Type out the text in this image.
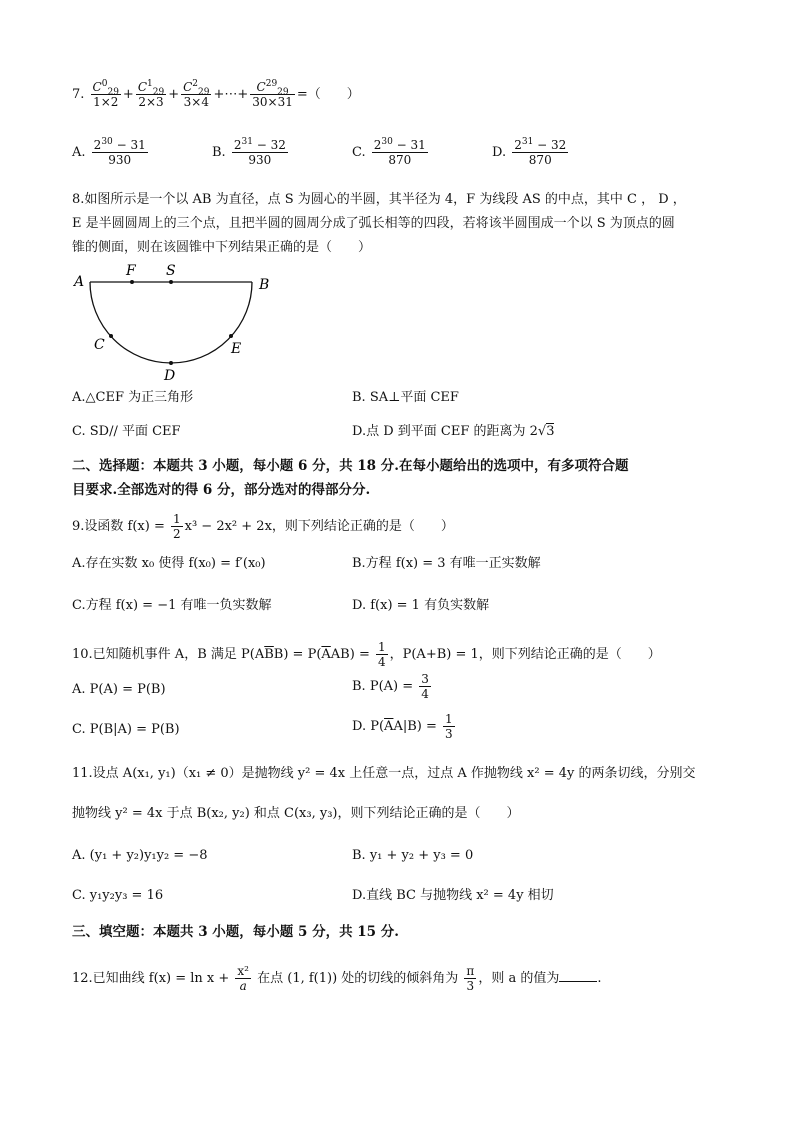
7. $\frac{C^0_{29}}{1\times 2} + \frac{C^1_{29}}{2\times 3} + \frac{C^2_{29}}{3\times 4}$ +⋯+ $\frac{C^{29}_{29}}{30\times 31}$ =（　　）
A. $\frac{2^{30} - 31}{930}$	B. $\frac{2^{31} - 32}{930}$	C. $\frac{2^{30} - 31}{870}$	D. $\frac{2^{31} - 32}{870}$
8.如图所示是一个以 AB 为直径，点 S 为圆心的半圆，其半径为 4，F 为线段 AS 的中点，其中 C ， D ，
E 是半圆圆周上的三个点，且把半圆的圆周分成了弧长相等的四段，若将该半圆围成一个以 S 为顶点的圆
锥的侧面，则在该圆锥中下列结果正确的是（　　）
A
F S
B
C
D
E
A.△CEF 为正三角形	B. SA⊥平面 CEF
C. SD// 平面 CEF	D.点 D 到平面 CEF 的距离为 2√3
二、选择题：本题共 3 小题，每小题 6 分，共 18 分.在每小题给出的选项中，有多项符合题
目要求.全部选对的得 6 分，部分选对的得部分分.
9.设函数 $f(x) = \frac{1}{2} x^3 - 2x^2 + 2x$，则下列结论正确的是（　　）
A.存在实数 x₀ 使得 f(x₀) = f′(x₀)	B.方程 f(x) = 3 有唯一正实数解
C.方程 f(x) = −1 有唯一负实数解	D. f(x) = 1 有负实数解
10.已知随机事件 A，B 满足 $P(A\overline{B}B) = P(\overline{A}AB) = \frac{1}{4}$ ，P(A+B) = 1，则下列结论正确的是（　　）
A. P(A) = P(B)	B. $P(A) = \frac{3}{4}$
C. P(B|A) = P(B)	D. $P(\overline{A}A|B) = \frac{1}{3}$
11.设点 A(x₁, y₁)（x₁ ≠ 0）是抛物线 y² = 4x 上任意一点，过点 A 作抛物线 x² = 4y 的两条切线，分别交
抛物线 y² = 4x 于点 B(x₂, y₂) 和点 C(x₃, y₃)，则下列结论正确的是（　　）
A. (y₁ + y₂)y₁y₂ = −8	B. y₁ + y₂ + y₃ = 0
C. y₁y₂y₃ = 16	D.直线 BC 与抛物线 x² = 4y 相切
三、填空题：本题共 3 小题，每小题 5 分，共 15 分.
12.已知曲线 $f(x) = \ln x + \frac{\text{x²}}{a}$ 在点 (1, f(1)) 处的切线的倾斜角为 $\frac{\pi}{3}$ ，则 a 的值为	.
